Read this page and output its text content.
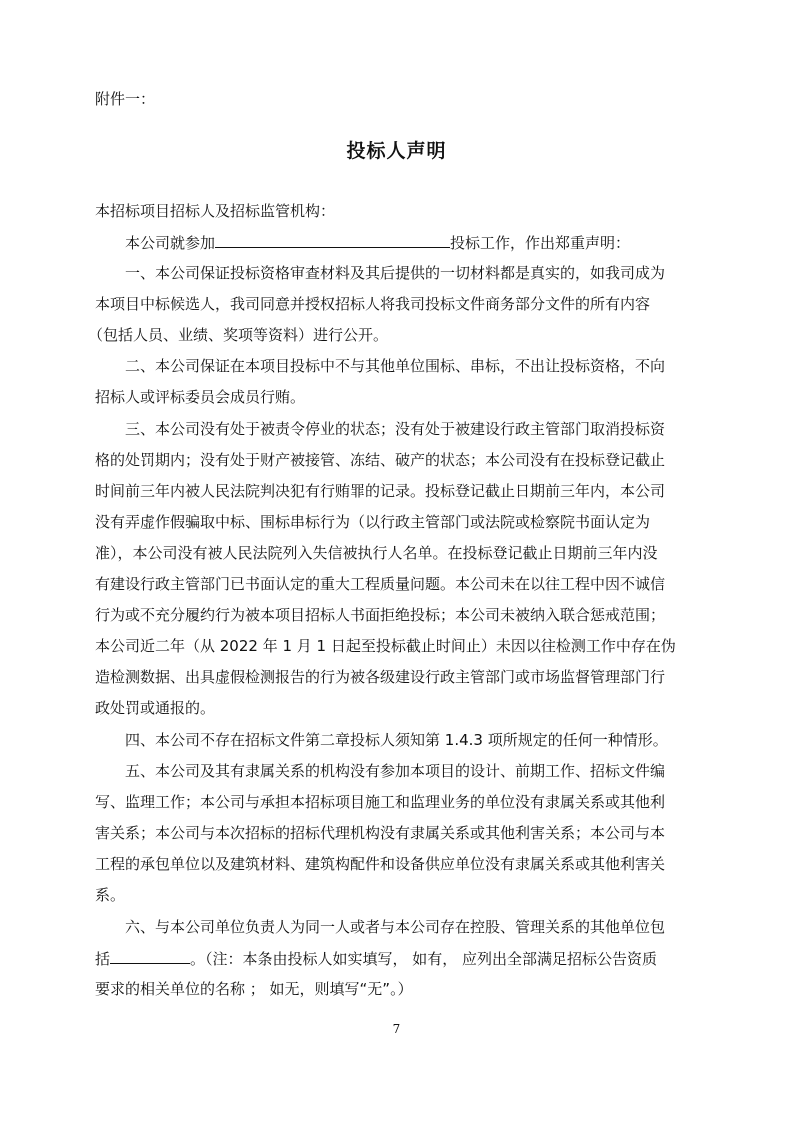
附件一：
投标人声明
本招标项目招标人及招标监管机构：
本公司就参加	投标工作，作出郑重声明：
一、本公司保证投标资格审查材料及其后提供的一切材料都是真实的，如我司成为
本项目中标候选人，我司同意并授权招标人将我司投标文件商务部分文件的所有内容
（包括人员、业绩、奖项等资料）进行公开。
二、本公司保证在本项目投标中不与其他单位围标、串标，不出让投标资格，不向
招标人或评标委员会成员行贿。
三、本公司没有处于被责令停业的状态；没有处于被建设行政主管部门取消投标资
格的处罚期内；没有处于财产被接管、冻结、破产的状态；本公司没有在投标登记截止
时间前三年内被人民法院判决犯有行贿罪的记录。投标登记截止日期前三年内，本公司
没有弄虚作假骗取中标、围标串标行为（以行政主管部门或法院或检察院书面认定为
准），本公司没有被人民法院列入失信被执行人名单。在投标登记截止日期前三年内没
有建设行政主管部门已书面认定的重大工程质量问题。本公司未在以往工程中因不诚信
行为或不充分履约行为被本项目招标人书面拒绝投标；本公司未被纳入联合惩戒范围；
本公司近二年（从 2022 年 1 月 1 日起至投标截止时间止）未因以往检测工作中存在伪
造检测数据、出具虚假检测报告的行为被各级建设行政主管部门或市场监督管理部门行
政处罚或通报的。
四、本公司不存在招标文件第二章投标人须知第 1.4.3 项所规定的任何一种情形。
五、本公司及其有隶属关系的机构没有参加本项目的设计、前期工作、招标文件编
写、监理工作；本公司与承担本招标项目施工和监理业务的单位没有隶属关系或其他利
害关系；本公司与本次招标的招标代理机构没有隶属关系或其他利害关系；本公司与本
工程的承包单位以及建筑材料、建筑构配件和设备供应单位没有隶属关系或其他利害关
系。
六、与本公司单位负责人为同一人或者与本公司存在控股、管理关系的其他单位包
括	。（注：本条由投标人如实填写， 如有， 应列出全部满足招标公告资质
要求的相关单位的名称 ； 如无，则填写“无”。）
7
